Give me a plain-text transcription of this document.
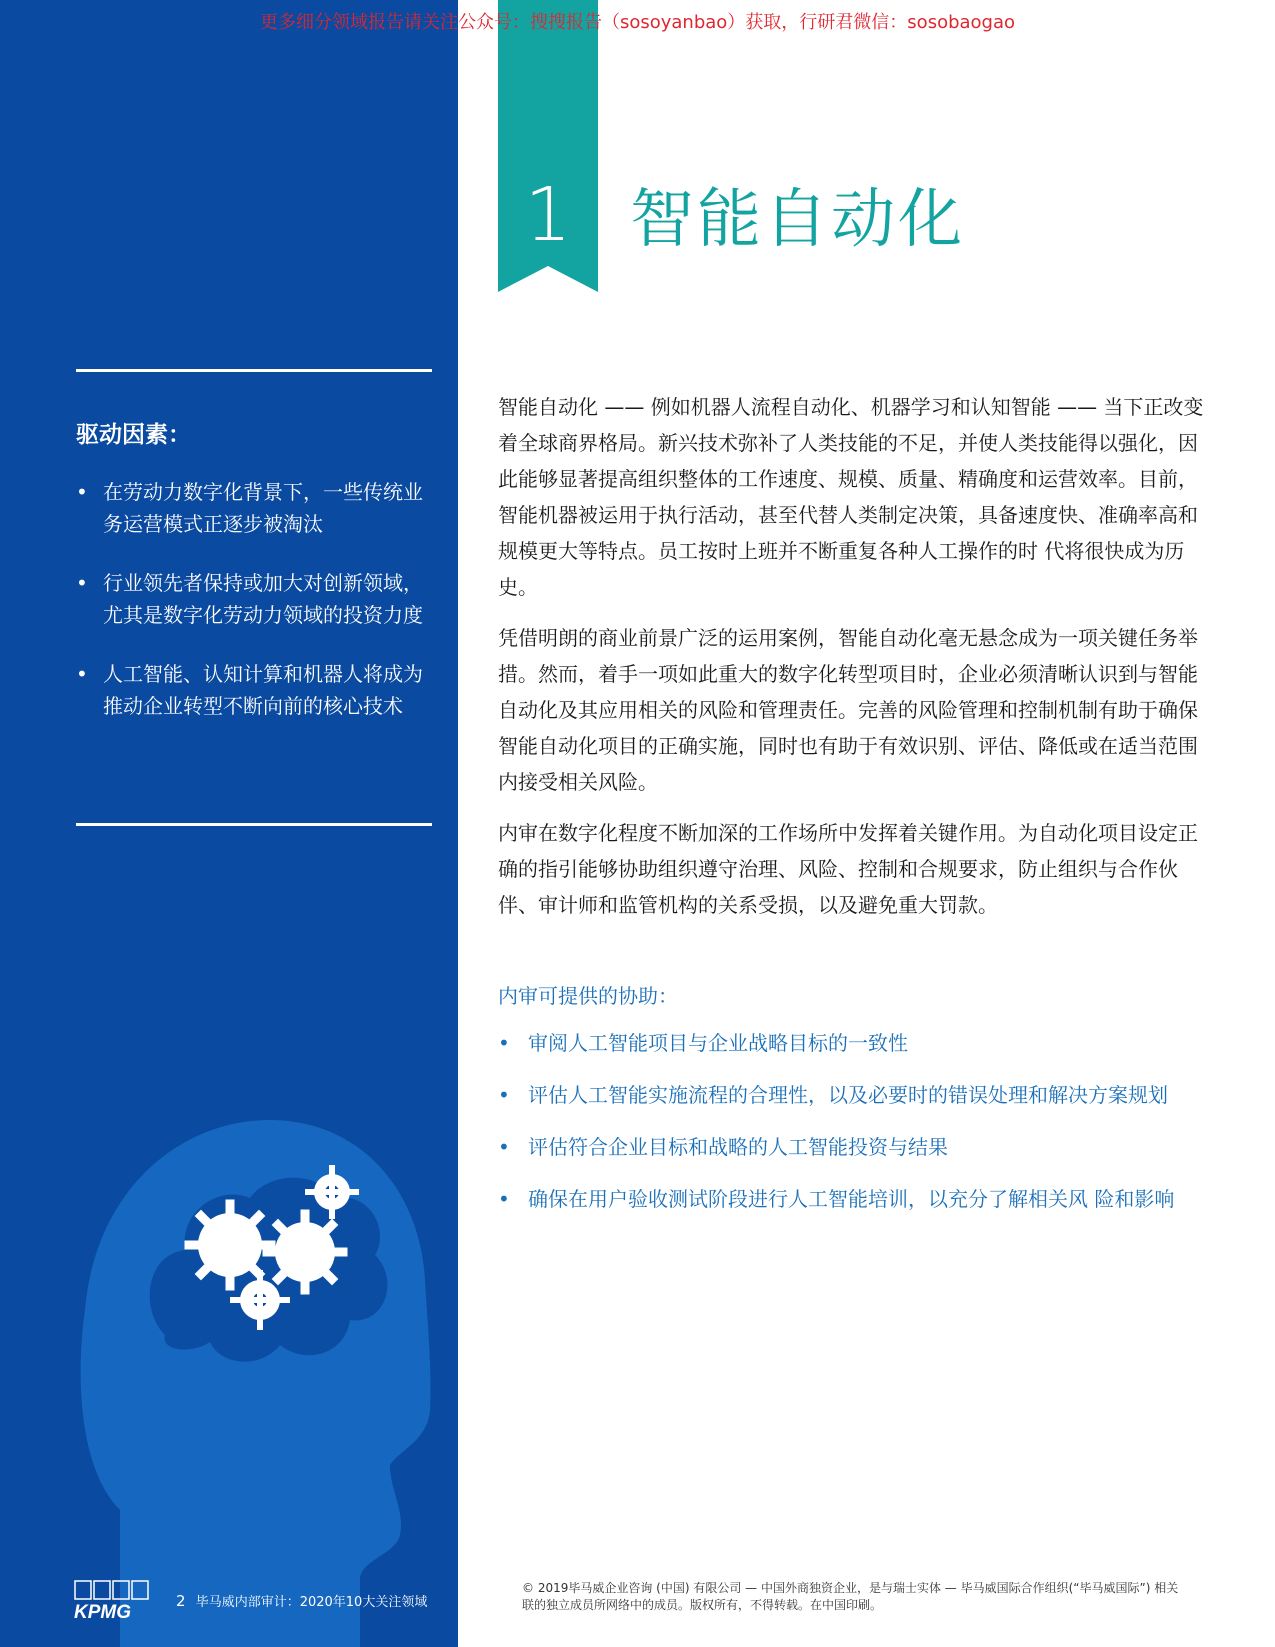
更多细分领域报告请关注公众号：搜搜报告（sosoyanbao）获取，行研君微信：sosobaogao
驱动因素：
• 在劳动力数字化背景下，一些传统业务运营模式正逐步被淘汰
• 行业领先者保持或加大对创新领域，尤其是数字化劳动力领域的投资力度
• 人工智能、认知计算和机器人将成为推动企业转型不断向前的核心技术
KPMG
2 毕马威内部审计：2020年10大关注领域
1 智能自动化

智能自动化 —— 例如机器人流程自动化、机器学习和认知智能 —— 当下正改变着全球商界格局。新兴技术弥补了人类技能的不足，并使人类技能得以强化，因此能够显著提高组织整体的工作速度、规模、质量、精确度和运营效率。目前，智能机器被运用于执行活动，甚至代替人类制定决策，具备速度快、准确率高和规模更大等特点。员工按时上班并不断重复各种人工操作的时 代将很快成为历史。

凭借明朗的商业前景广泛的运用案例，智能自动化毫无悬念成为一项关键任务举措。然而，着手一项如此重大的数字化转型项目时，企业必须清晰认识到与智能自动化及其应用相关的风险和管理责任。完善的风险管理和控制机制有助于确保智能自动化项目的正确实施，同时也有助于有效识别、评估、降低或在适当范围内接受相关风险。

内审在数字化程度不断加深的工作场所中发挥着关键作用。为自动化项目设定正确的指引能够协助组织遵守治理、风险、控制和合规要求，防止组织与合作伙伴、审计师和监管机构的关系受损，以及避免重大罚款。

内审可提供的协助：
• 审阅人工智能项目与企业战略目标的一致性
• 评估人工智能实施流程的合理性，以及必要时的错误处理和解决方案规划
• 评估符合企业目标和战略的人工智能投资与结果
• 确保在用户验收测试阶段进行人工智能培训，以充分了解相关风 险和影响
© 2019毕马威企业咨询 (中国) 有限公司 — 中国外商独资企业，是与瑞士实体 — 毕马威国际合作组织(“毕马威国际”) 相关联的独立成员所网络中的成员。版权所有，不得转载。在中国印刷。
